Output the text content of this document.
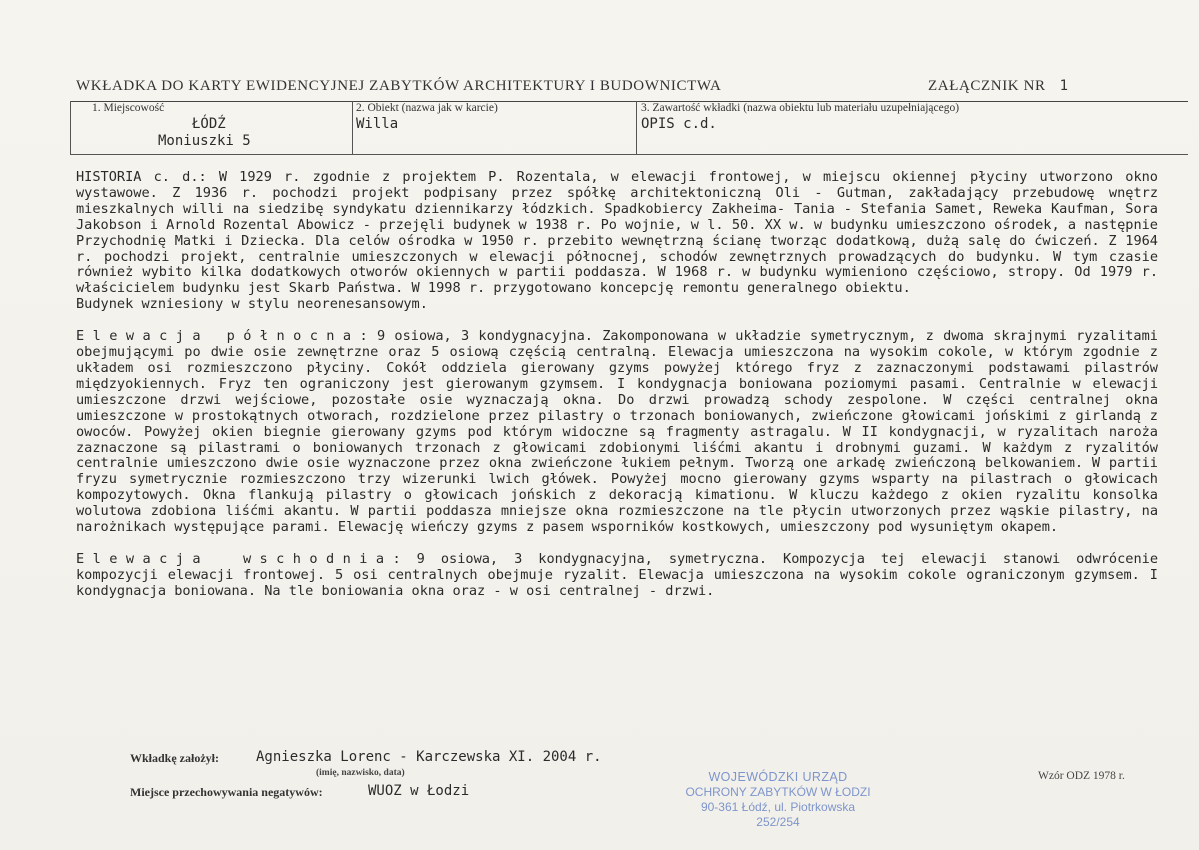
WKŁADKA DO KARTY EWIDENCYJNEJ ZABYTKÓW ARCHITEKTURY I BUDOWNICTWA	ZAŁĄCZNIK NR 1
1. Miejscowość
ŁÓDŹ
Moniuszki 5
2. Obiekt (nazwa jak w karcie)
Willa
3. Zawartość wkładki (nazwa obiektu lub materiału uzupełniającego)
OPIS c.d.

HISTORIA c. d.: W 1929 r. zgodnie z projektem P. Rozentala, w elewacji frontowej, w miejscu okiennej płyciny utworzono okno wystawowe. Z 1936 r. pochodzi projekt podpisany przez spółkę architektoniczną Oli - Gutman, zakładający przebudowę wnętrz mieszkalnych willi na siedzibę syndykatu dziennikarzy łódzkich. Spadkobiercy Zakheima- Tania - Stefania Samet, Reweka Kaufman, Sora Jakobson i Arnold Rozental Abowicz - przejęli budynek w 1938 r. Po wojnie, w l. 50. XX w. w budynku umieszczono ośrodek, a następnie Przychodnię Matki i Dziecka. Dla celów ośrodka w 1950 r. przebito wewnętrzną ścianę tworząc dodatkową, dużą salę do ćwiczeń. Z 1964 r. pochodzi projekt, centralnie umieszczonych w elewacji północnej, schodów zewnętrznych prowadzących do budynku. W tym czasie również wybito kilka dodatkowych otworów okiennych w partii poddasza. W 1968 r. w budynku wymieniono częściowo, stropy. Od 1979 r. właścicielem budynku jest Skarb Państwa. W 1998 r. przygotowano koncepcję remontu generalnego obiektu.

Budynek wzniesiony w stylu neorenesansowym.

Elewacja północna: 9 osiowa, 3 kondygnacyjna. Zakomponowana w układzie symetrycznym, z dwoma skrajnymi ryzalitami obejmującymi po dwie osie zewnętrzne oraz 5 osiową częścią centralną. Elewacja umieszczona na wysokim cokole, w którym zgodnie z układem osi rozmieszczono płyciny. Cokół oddziela gierowany gzyms powyżej którego fryz z zaznaczonymi podstawami pilastrów międzyokiennych. Fryz ten ograniczony jest gierowanym gzymsem. I kondygnacja boniowana poziomymi pasami. Centralnie w elewacji umieszczone drzwi wejściowe, pozostałe osie wyznaczają okna. Do drzwi prowadzą schody zespolone. W części centralnej okna umieszczone w prostokątnych otworach, rozdzielone przez pilastry o trzonach boniowanych, zwieńczone głowicami jońskimi z girlandą z owoców. Powyżej okien biegnie gierowany gzyms pod którym widoczne są fragmenty astragalu. W II kondygnacji, w ryzalitach naroża zaznaczone są pilastrami o boniowanych trzonach z głowicami zdobionymi liśćmi akantu i drobnymi guzami. W każdym z ryzalitów centralnie umieszczono dwie osie wyznaczone przez okna zwieńczone łukiem pełnym. Tworzą one arkadę zwieńczoną belkowaniem. W partii fryzu symetrycznie rozmieszczono trzy wizerunki lwich główek. Powyżej mocno gierowany gzyms wsparty na pilastrach o głowicach kompozytowych. Okna flankują pilastry o głowicach jońskich z dekoracją kimationu. W kluczu każdego z okien ryzalitu konsolka wolutowa zdobiona liśćmi akantu. W partii poddasza mniejsze okna rozmieszczone na tle płycin utworzonych przez wąskie pilastry, na narożnikach występujące parami. Elewację wieńczy gzyms z pasem wsporników kostkowych, umieszczony pod wysuniętym okapem.

Elewacja	wschodnia: 9 osiowa, 3 kondygnacyjna, symetryczna. Kompozycja tej elewacji stanowi odwrócenie kompozycji elewacji frontowej. 5 osi centralnych obejmuje ryzalit. Elewacja umieszczona na wysokim cokole ograniczonym gzymsem. I kondygnacja boniowana. Na tle boniowania okna oraz - w osi centralnej - drzwi.

Wkładkę założył:	Agnieszka Lorenc - Karczewska XI. 2004 r.
(imię, nazwisko, data)
Miejsce przechowywania negatywów:	WUOZ w Łodzi
WOJEWÓDZKI URZĄD
OCHRONY ZABYTKÓW W ŁODZI
90-361 Łódź, ul. Piotrkowska 252/254
Wzór ODZ 1978 r.
